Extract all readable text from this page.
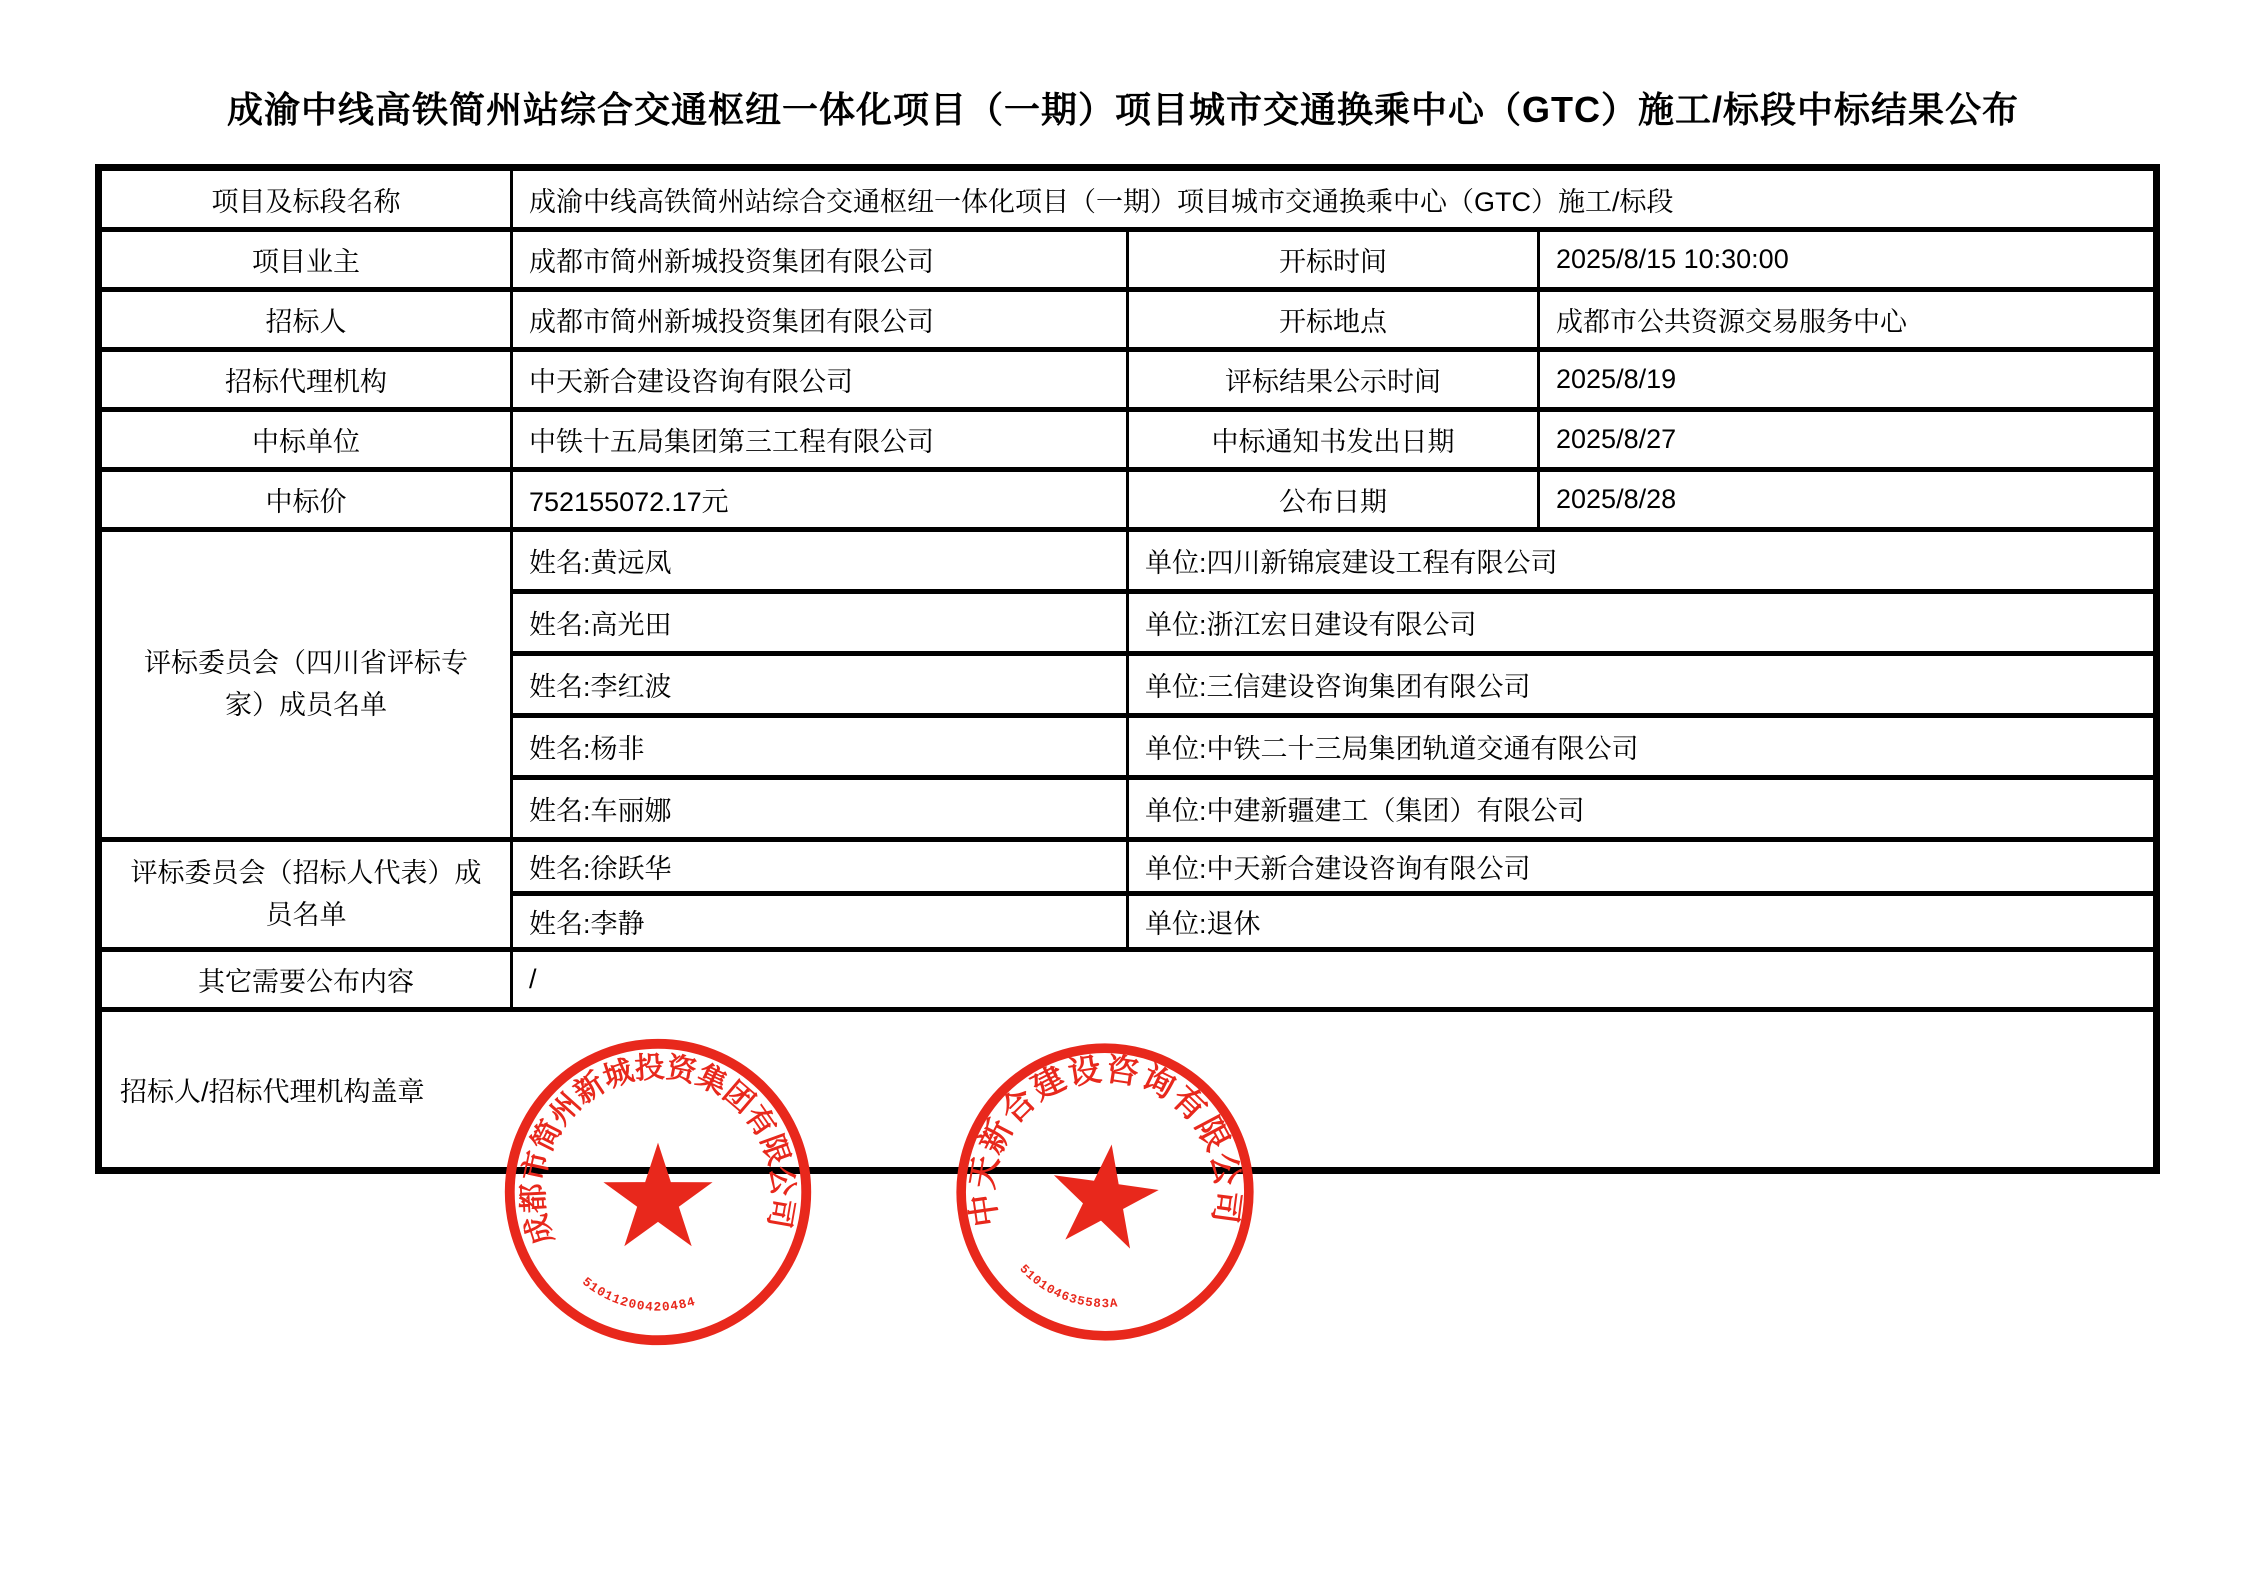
成渝中线高铁简州站综合交通枢纽一体化项目（一期）项目城市交通换乘中心（GTC）施工/标段中标结果公布
项目及标段名称	成渝中线高铁简州站综合交通枢纽一体化项目（一期）项目城市交通换乘中心（GTC）施工/标段		
项目业主	成都市简州新城投资集团有限公司	开标时间	2025/8/15 10:30:00
招标人	成都市简州新城投资集团有限公司	开标地点	成都市公共资源交易服务中心
招标代理机构	中天新合建设咨询有限公司	评标结果公示时间	2025/8/19
中标单位	中铁十五局集团第三工程有限公司	中标通知书发出日期	2025/8/27
中标价	752155072.17元	公布日期	2025/8/28

评标委员会（四川省评标专家）成员名单	姓名:黄远凤	单位:四川新锦宸建设工程有限公司	
	姓名:高光田	单位:浙江宏日建设有限公司	
	姓名:李红波	单位:三信建设咨询集团有限公司	
	姓名:杨非	单位:中铁二十三局集团轨道交通有限公司	
	姓名:车丽娜	单位:中建新疆建工（集团）有限公司	

评标委员会（招标人代表）成员名单	姓名:徐跃华	单位:中天新合建设咨询有限公司	
	姓名:李静	单位:退休	
其它需要公布内容	/		
招标人/招标代理机构盖章			
成都市简州新城投资集团有限公司
51011200420484
中天新合建设咨询有限公司
510104635583A
